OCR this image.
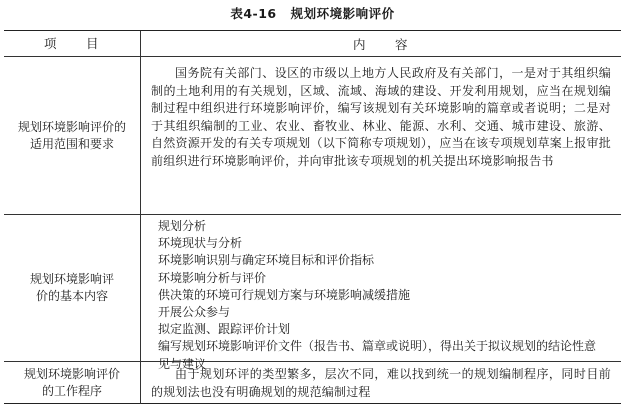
表4-16 规划环境影响评价
项　　目	内　　容
规划环境影响评价的适用范围和要求
国务院有关部门、设区的市级以上地方人民政府及有关部门，一是对于其组织编制的土地利用的有关规划，区域、流域、海域的建设、开发利用规划，应当在规划编制过程中组织进行环境影响评价，编写该规划有关环境影响的篇章或者说明；二是对于其组织编制的工业、农业、畜牧业、林业、能源、水利、交通、城市建设、旅游、自然资源开发的有关专项规划（以下简称专项规划），应当在该专项规划草案上报审批前组织进行环境影响评价，并向审批该专项规划的机关提出环境影响报告书
规划环境影响评价的基本内容
规划分析
环境现状与分析
环境影响识别与确定环境目标和评价指标
环境影响分析与评价
供决策的环境可行规划方案与环境影响减缓措施
开展公众参与
拟定监测、跟踪评价计划
编写规划环境影响评价文件（报告书、篇章或说明），得出关于拟议规划的结论性意见与建议
规划环境影响评价的工作程序
由于规划环评的类型繁多，层次不同，难以找到统一的规划编制程序，同时目前的规划法也没有明确规划的规范编制过程
